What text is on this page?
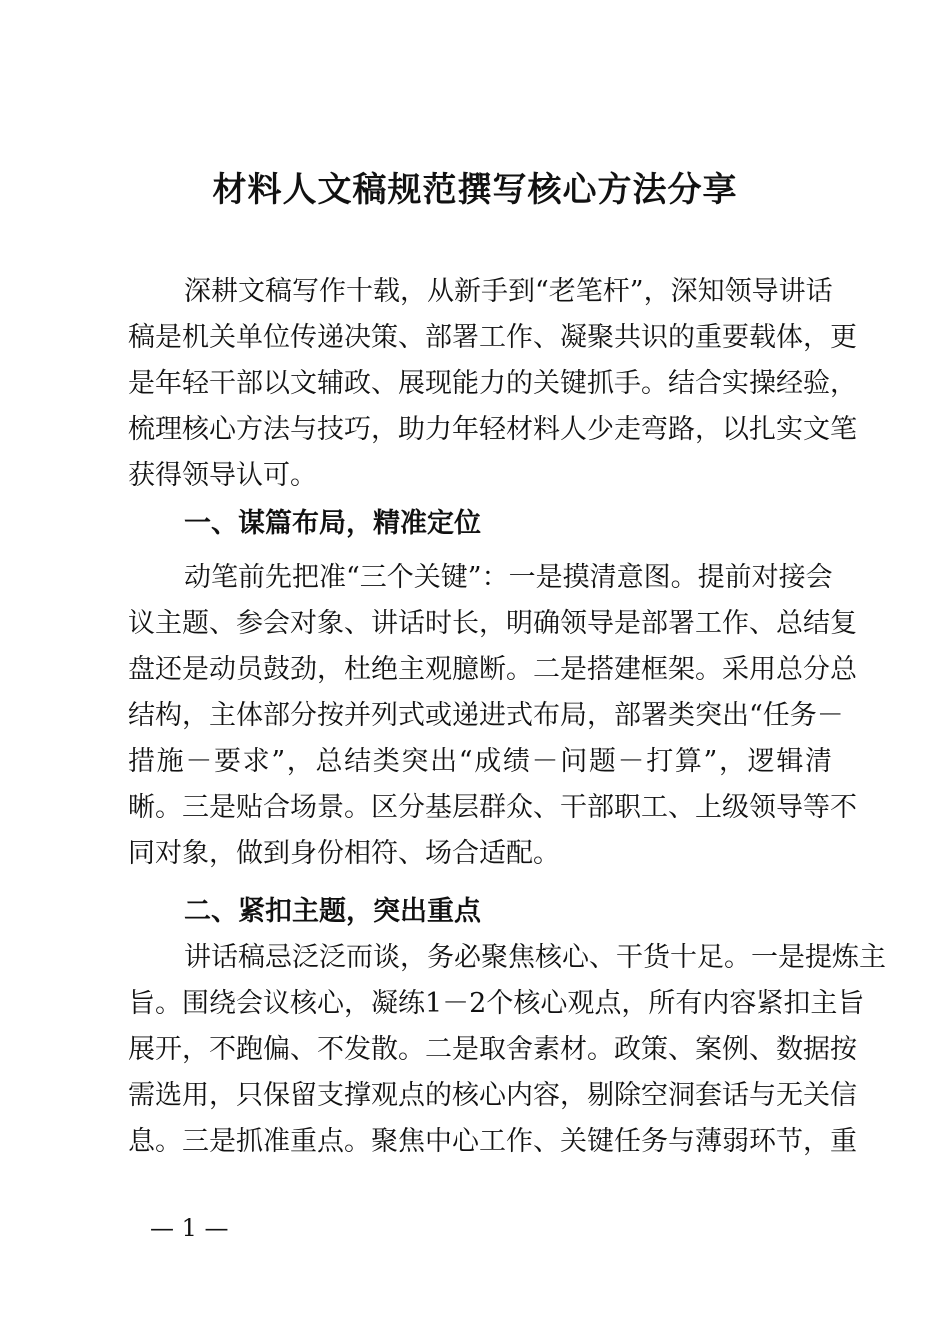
材料人文稿规范撰写核心方法分享
深耕文稿写作十载，从新手到“老笔杆”，深知领导讲话
稿是机关单位传递决策、部署工作、凝聚共识的重要载体，更
是年轻干部以文辅政、展现能力的关键抓手。结合实操经验，
梳理核心方法与技巧，助力年轻材料人少走弯路，以扎实文笔
获得领导认可。
一、谋篇布局，精准定位
动笔前先把准“三个关键”：一是摸清意图。提前对接会
议主题、参会对象、讲话时长，明确领导是部署工作、总结复
盘还是动员鼓劲，杜绝主观臆断。二是搭建框架。采用总分总
结构，主体部分按并列式或递进式布局，部署类突出“任务－
措施－要求”，总结类突出“成绩－问题－打算”，逻辑清
晰。三是贴合场景。区分基层群众、干部职工、上级领导等不
同对象，做到身份相符、场合适配。
二、紧扣主题，突出重点
讲话稿忌泛泛而谈，务必聚焦核心、干货十足。一是提炼主
旨。围绕会议核心，凝练1－2个核心观点，所有内容紧扣主旨
展开，不跑偏、不发散。二是取舍素材。政策、案例、数据按
需选用，只保留支撑观点的核心内容，剔除空洞套话与无关信
息。三是抓准重点。聚焦中心工作、关键任务与薄弱环节，重
— 1 —
